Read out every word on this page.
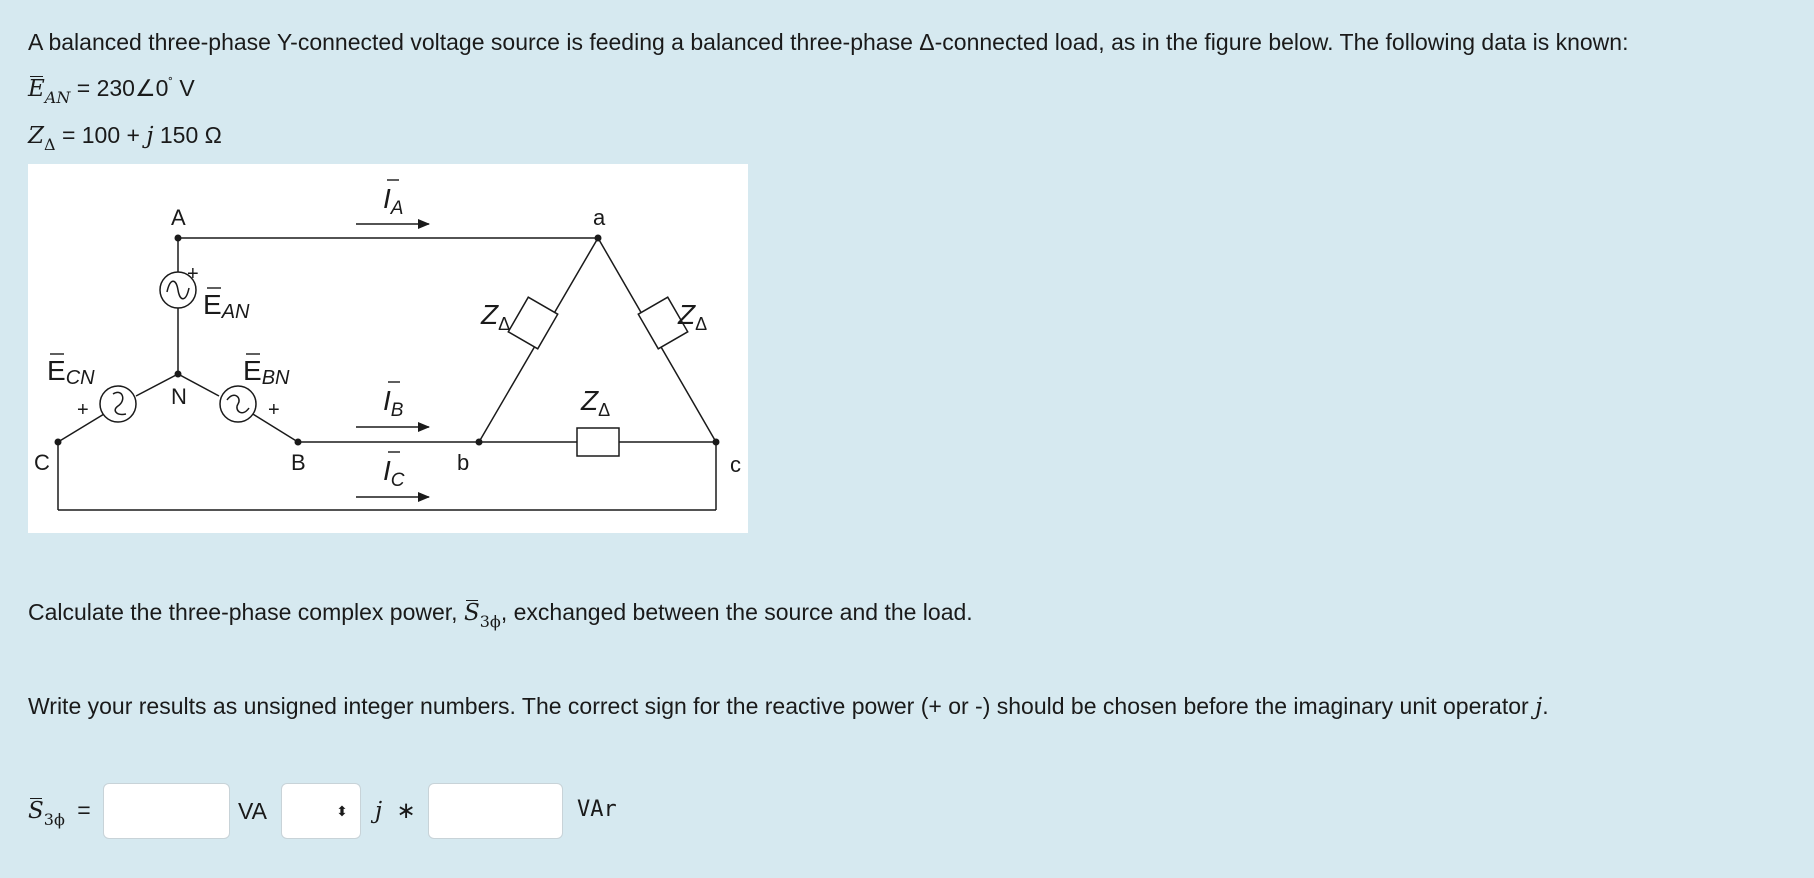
A balanced three-phase Y-connected voltage source is feeding a balanced three-phase Δ-connected load, as in the figure below. The following data is known:
$E_{AN}$ = 230∠0˚ V
$Z_\Delta = 100 + j$ 150 Ω
A	a
N
B	b
C	c
+
+
+
$I_A$
$I_B$
$I_C$
EAN
EBN
ECN
$Z_\Delta$	$Z_\Delta$
$Z_\Delta$
Calculate the three-phase complex power, $S_{3\phi}$, exchanged between the source and the load.
Write your results as unsigned integer numbers. The correct sign for the reactive power (+ or -) should be chosen before the imaginary unit operator j.
$S_{3\phi}$ =	VA	⬍ j ∗	VAr
